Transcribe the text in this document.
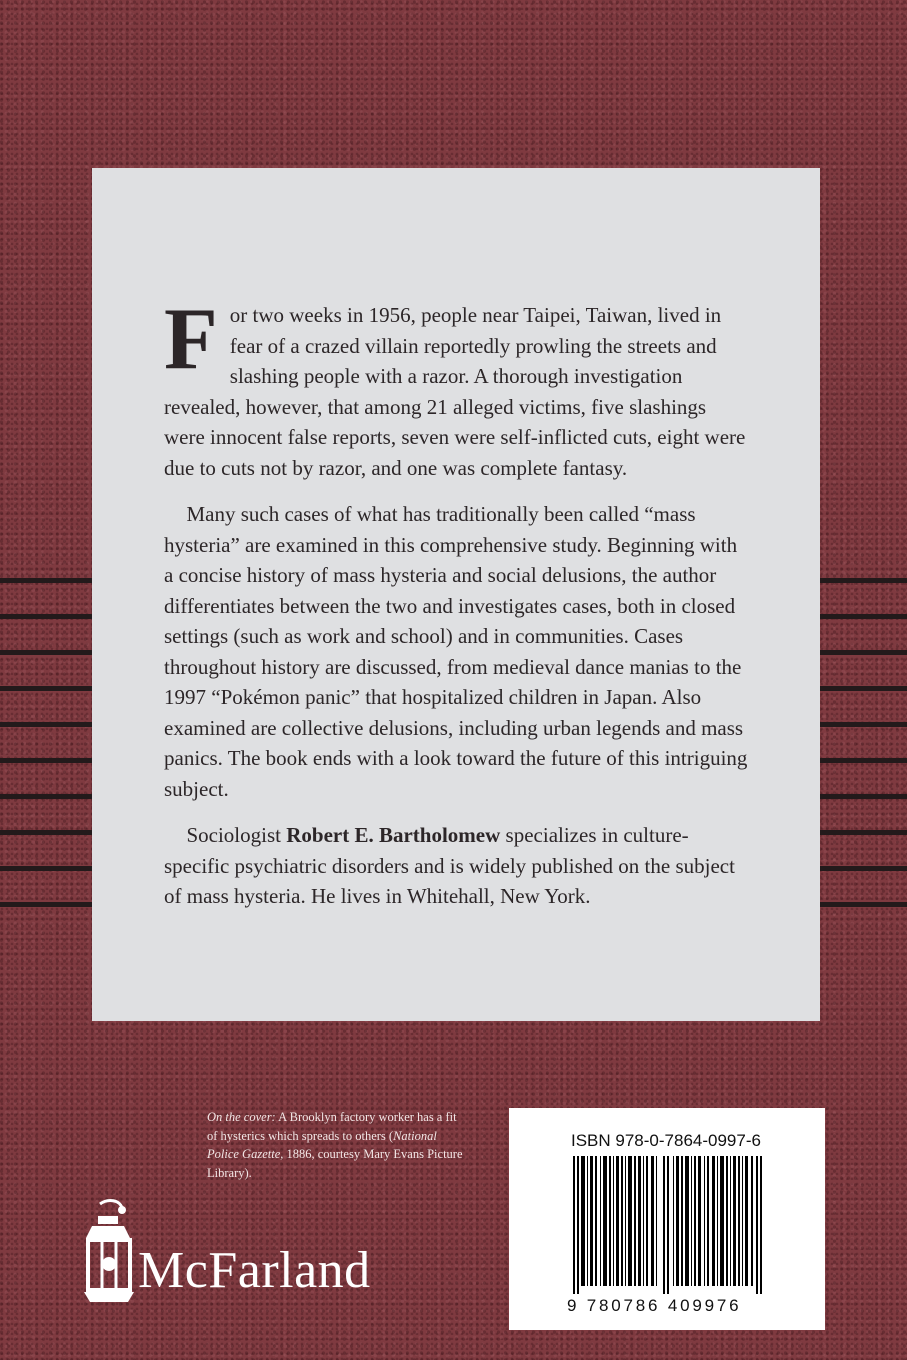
For two weeks in 1956, people near Taipei, Taiwan, lived in fear of a crazed villain reportedly prowling the streets and slashing people with a razor. A thorough investigation revealed, however, that among 21 alleged victims, five slashings were innocent false reports, seven were self-inflicted cuts, eight were due to cuts not by razor, and one was complete fantasy.

Many such cases of what has traditionally been called “mass hysteria” are examined in this comprehensive study. Beginning with a concise history of mass hysteria and social delusions, the author differentiates between the two and investigates cases, both in closed settings (such as work and school) and in communities. Cases throughout history are discussed, from medieval dance manias to the 1997 “Pokémon panic” that hospitalized children in Japan. Also examined are collective delusions, including urban legends and mass panics. The book ends with a look toward the future of this intriguing subject.

Sociologist Robert E. Bartholomew specializes in culture-specific psychiatric disorders and is widely published on the subject of mass hysteria. He lives in Whitehall, New York.

On the cover: A Brooklyn factory worker has a fit of hysterics which spreads to others (National Police Gazette, 1886, courtesy Mary Evans Picture Library).
McFarland
ISBN 978-0-7864-0997-6
9 780786 409976
